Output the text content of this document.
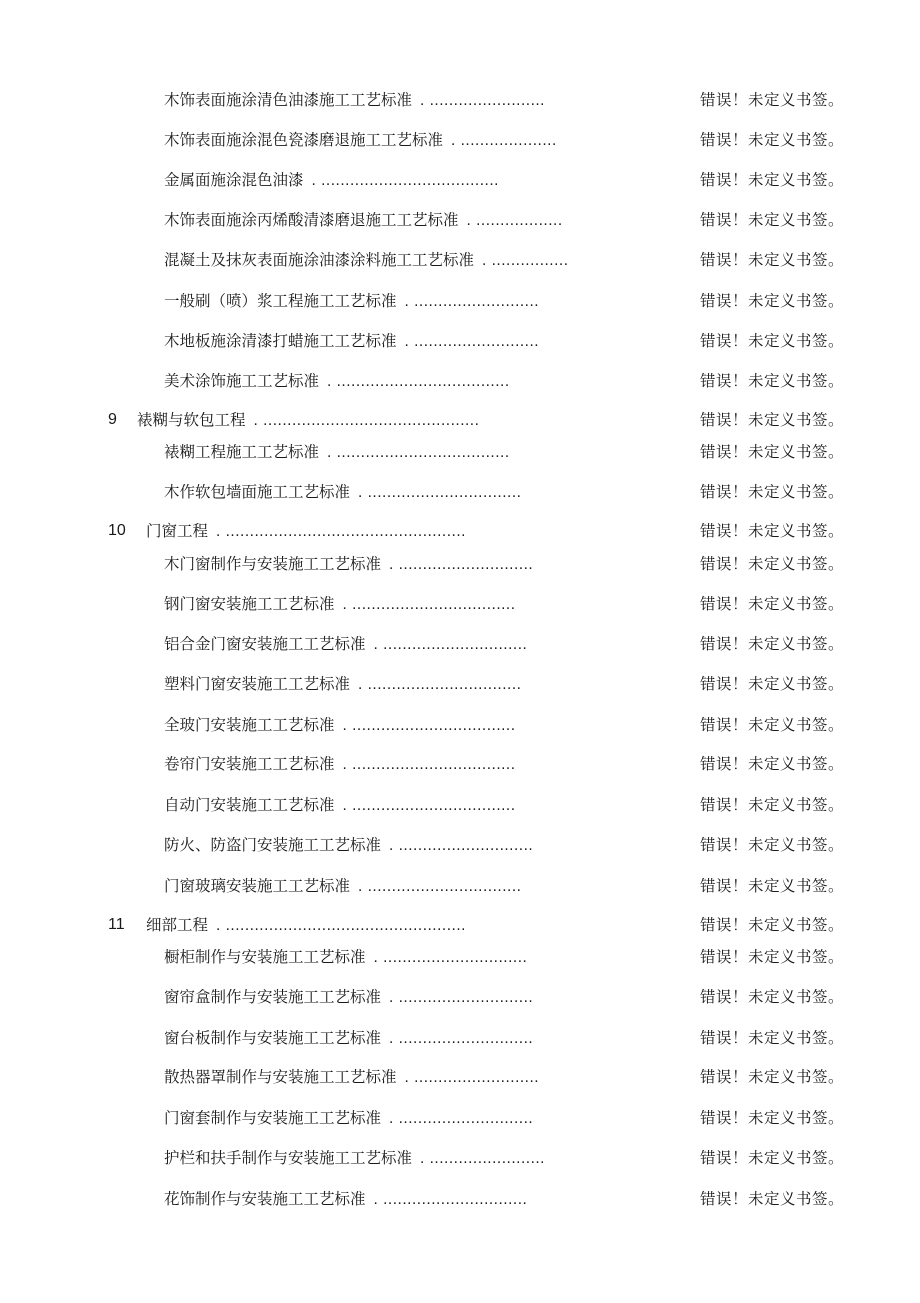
木饰表面施涂清色油漆施工工艺标准 . ........................	错误！未定义书签。
木饰表面施涂混色瓷漆磨退施工工艺标准 . ....................	错误！未定义书签。
金属面施涂混色油漆 . .....................................	错误！未定义书签。
木饰表面施涂丙烯酸清漆磨退施工工艺标准 . ..................	错误！未定义书签。
混凝土及抹灰表面施涂油漆涂料施工工艺标准 . ................	错误！未定义书签。
一般刷（喷）浆工程施工工艺标准 . ..........................	错误！未定义书签。
木地板施涂清漆打蜡施工工艺标准 . ..........................	错误！未定义书签。
美术涂饰施工工艺标准 . ....................................	错误！未定义书签。
9 裱糊与软包工程 . .............................................	错误！未定义书签。
裱糊工程施工工艺标准 . ....................................	错误！未定义书签。
木作软包墙面施工工艺标准 . ................................	错误！未定义书签。
10 门窗工程 . ..................................................	错误！未定义书签。
木门窗制作与安装施工工艺标准 . ............................	错误！未定义书签。
钢门窗安装施工工艺标准 . ..................................	错误！未定义书签。
铝合金门窗安装施工工艺标准 . ..............................	错误！未定义书签。
塑料门窗安装施工工艺标准 . ................................	错误！未定义书签。
全玻门安装施工工艺标准 . ..................................	错误！未定义书签。
卷帘门安装施工工艺标准 . ..................................	错误！未定义书签。
自动门安装施工工艺标准 . ..................................	错误！未定义书签。
防火、防盗门安装施工工艺标准 . ............................	错误！未定义书签。
门窗玻璃安装施工工艺标准 . ................................	错误！未定义书签。
11 细部工程 . ..................................................	错误！未定义书签。
橱柜制作与安装施工工艺标准 . ..............................	错误！未定义书签。
窗帘盒制作与安装施工工艺标准 . ............................	错误！未定义书签。
窗台板制作与安装施工工艺标准 . ............................	错误！未定义书签。
散热器罩制作与安装施工工艺标准 . ..........................	错误！未定义书签。
门窗套制作与安装施工工艺标准 . ............................	错误！未定义书签。
护栏和扶手制作与安装施工工艺标准 . ........................	错误！未定义书签。
花饰制作与安装施工工艺标准 . ..............................	错误！未定义书签。
